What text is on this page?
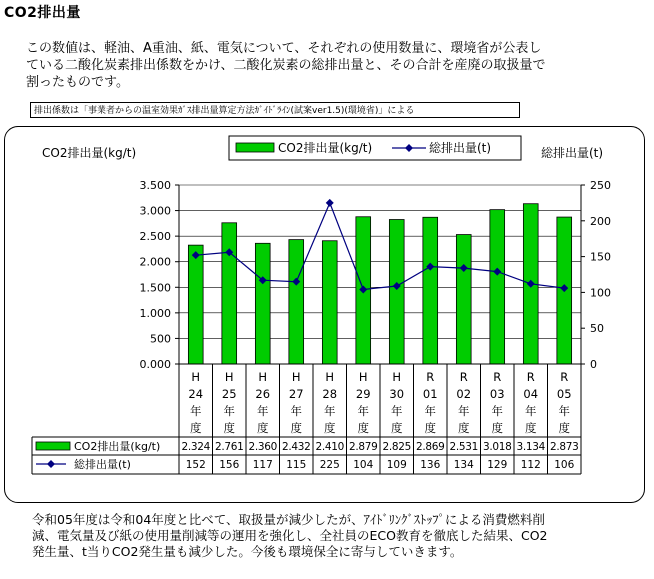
CO2排出量
この数値は、軽油、A重油、紙、電気について、それぞれの使用数量に、環境省が公表している二酸化炭素排出係数をかけ、二酸化炭素の総排出量と、その合計を産廃の取扱量で割ったものです。
排出係数は「事業者からの温室効果ｶﾞｽ排出量算定方法ｶﾞｲﾄﾞﾗｲﾝ(試案ver1.5)(環境省)」による
CO2排出量(kg/t)	総排出量(t)
CO2排出量(kg/t)	総排出量(t)
0.000
500
1.000
1.500
2.000
2.500
3.000
3.500
0
50
100
150
200
250
H
24
年
度
H
25
年
度
H
26
年
度
H
27
年
度
H
28
年
度
H
29
年
度
H
30
年
度
R
01
年
度
R
02
年
度
R
03
年
度
R
04
年
度
R
05
年
度
CO2排出量(kg/t)
総排出量(t)
2.324 2.761 2.360 2.432 2.410 2.879 2.825 2.869 2.531 3.018 3.134 2.873
152 156 117 115 225 104 109 136 134 129 112 106
令和05年度は令和04年度と比べて、取扱量が減少したが、ｱｲﾄﾞﾘﾝｸﾞｽﾄｯﾌﾟによる消費燃料削減、電気量及び紙の使用量削減等の運用を強化し、全社員のECO教育を徹底した結果、CO2発生量、t当りCO2発生量も減少した。今後も環境保全に寄与していきます。
